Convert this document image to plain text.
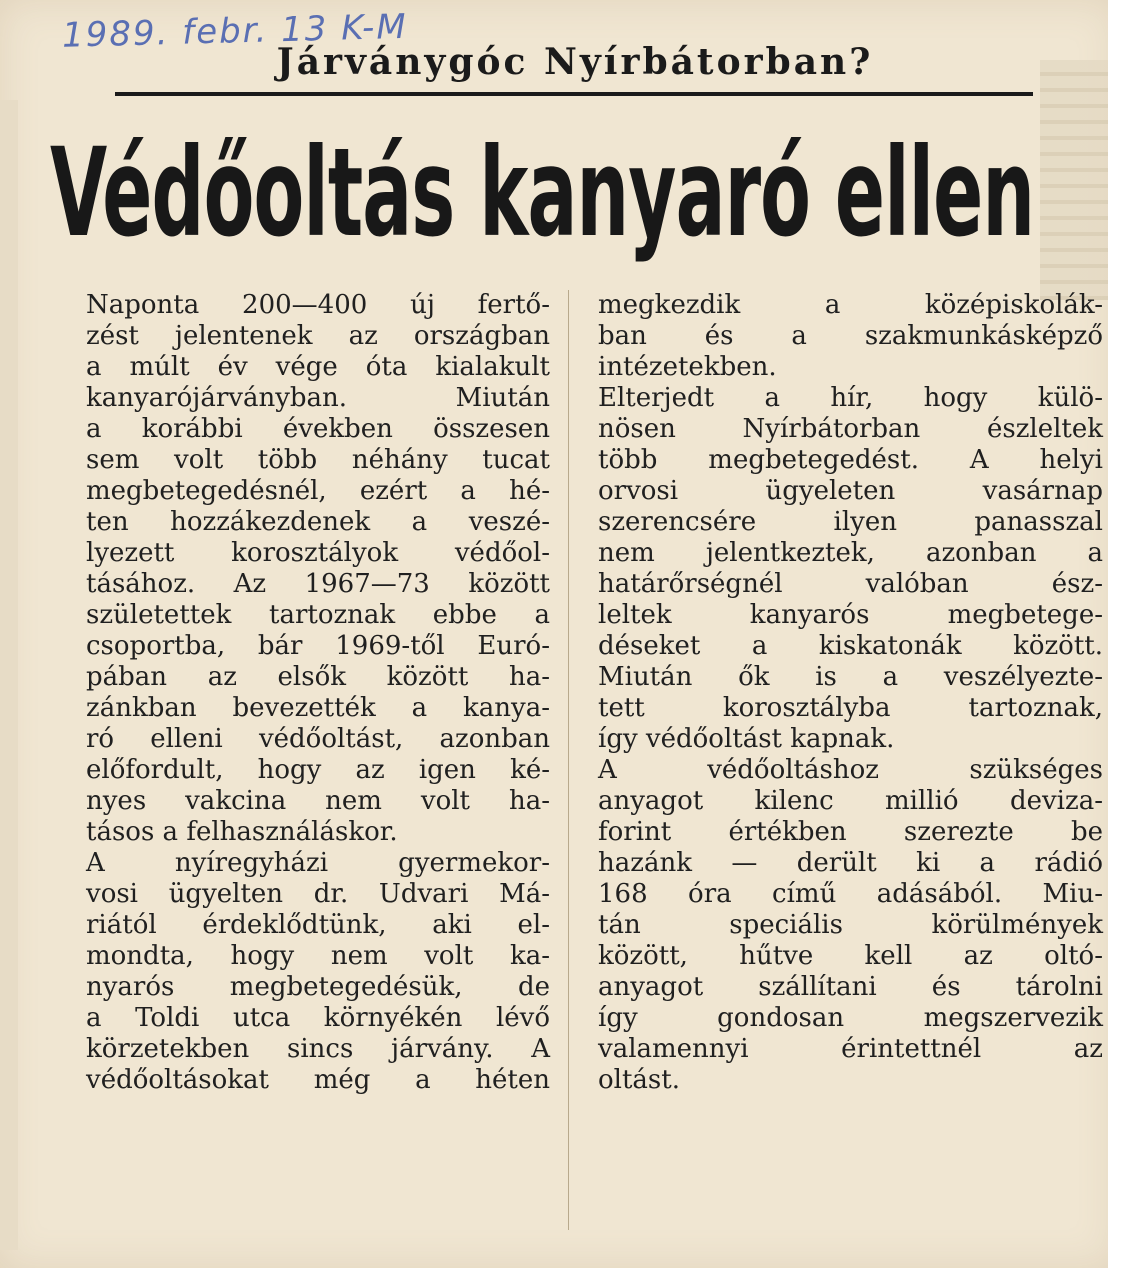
1989. febr. 13 K-M
Járványgóc Nyírbátorban?
Védőoltás kanyaró ellen
Naponta 200—400 új fertő-
zést jelentenek az országban
a múlt év vége óta kialakult
kanyarójárványban. Miután
a korábbi években összesen
sem volt több néhány tucat
megbetegedésnél, ezért a hé-
ten hozzákezdenek a veszé-
lyezett korosztályok védőol-
tásához. Az 1967—73 között
születettek tartoznak ebbe a
csoportba, bár 1969-től Euró-
pában az elsők között ha-
zánkban bevezették a kanya-
ró elleni védőoltást, azonban
előfordult, hogy az igen ké-
nyes vakcina nem volt ha-
tásos a felhasználáskor.
A nyíregyházi gyermekor-
vosi ügyelten dr. Udvari Má-
riától érdeklődtünk, aki el-
mondta, hogy nem volt ka-
nyarós megbetegedésük, de
a Toldi utca környékén lévő
körzetekben sincs járvány. A
védőoltásokat még a héten
megkezdik a középiskolák-
ban és a szakmunkásképző
intézetekben.
Elterjedt a hír, hogy külö-
nösen Nyírbátorban észleltek
több megbetegedést. A helyi
orvosi ügyeleten vasárnap
szerencsére ilyen panasszal
nem jelentkeztek, azonban a
határőrségnél valóban ész-
leltek kanyarós megbetege-
déseket a kiskatonák között.
Miután ők is a veszélyezte-
tett korosztályba tartoznak,
így védőoltást kapnak.
A védőoltáshoz szükséges
anyagot kilenc millió deviza-
forint értékben szerezte be
hazánk — derült ki a rádió
168 óra című adásából. Miu-
tán speciális körülmények
között, hűtve kell az oltó-
anyagot szállítani és tárolni
így gondosan megszervezik
valamennyi érintettnél az
oltást.
